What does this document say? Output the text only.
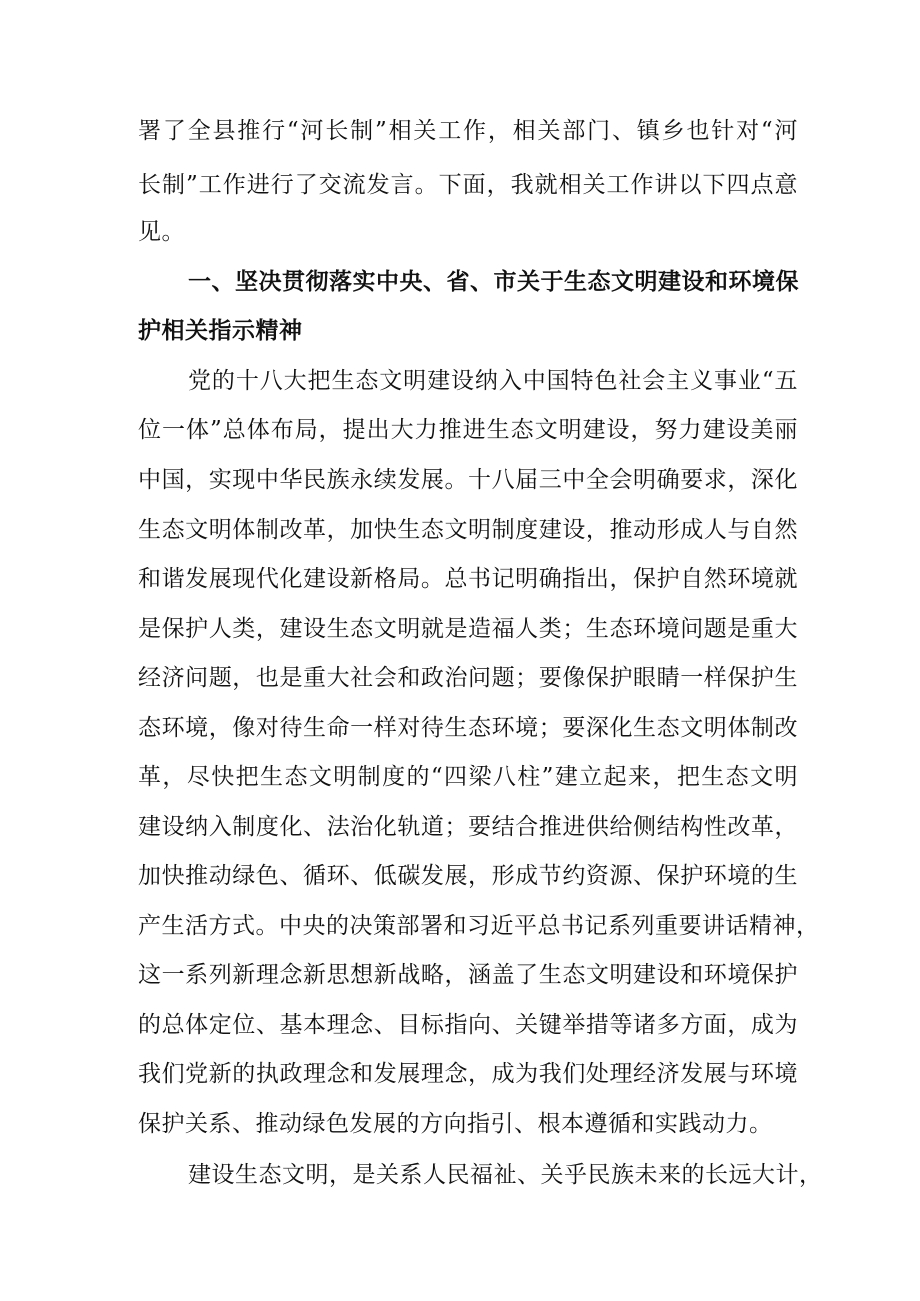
署了全县推行“河长制”相关工作，相关部门、镇乡也针对“河
长制”工作进行了交流发言。下面，我就相关工作讲以下四点意
见。
一、坚决贯彻落实中央、省、市关于生态文明建设和环境保
护相关指示精神
党的十八大把生态文明建设纳入中国特色社会主义事业“五
位一体”总体布局，提出大力推进生态文明建设，努力建设美丽
中国，实现中华民族永续发展。十八届三中全会明确要求，深化
生态文明体制改革，加快生态文明制度建设，推动形成人与自然
和谐发展现代化建设新格局。总书记明确指出，保护自然环境就
是保护人类，建设生态文明就是造福人类；生态环境问题是重大
经济问题，也是重大社会和政治问题；要像保护眼睛一样保护生
态环境，像对待生命一样对待生态环境；要深化生态文明体制改
革，尽快把生态文明制度的“四梁八柱”建立起来，把生态文明
建设纳入制度化、法治化轨道；要结合推进供给侧结构性改革，
加快推动绿色、循环、低碳发展，形成节约资源、保护环境的生
产生活方式。中央的决策部署和习近平总书记系列重要讲话精神，
这一系列新理念新思想新战略，涵盖了生态文明建设和环境保护
的总体定位、基本理念、目标指向、关键举措等诸多方面，成为
我们党新的执政理念和发展理念，成为我们处理经济发展与环境
保护关系、推动绿色发展的方向指引、根本遵循和实践动力。
建设生态文明，是关系人民福祉、关乎民族未来的长远大计，
